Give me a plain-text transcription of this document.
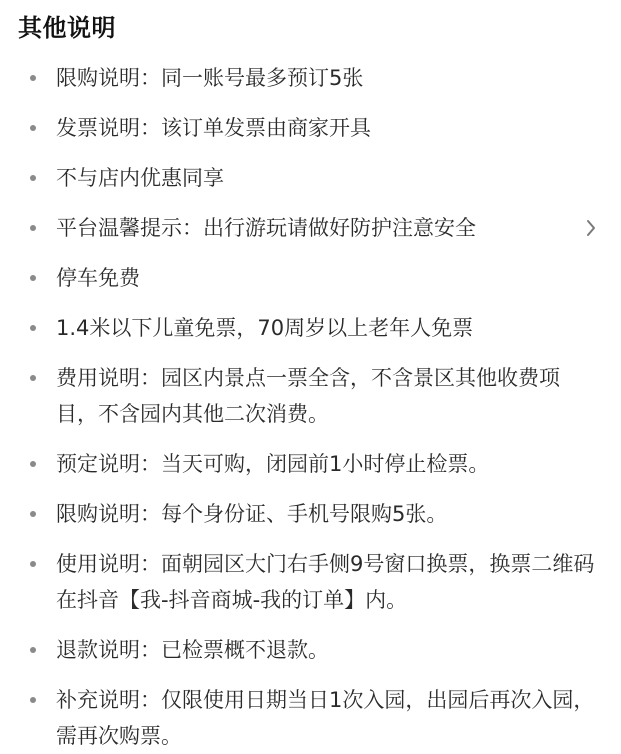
其他说明
限购说明：同一账号最多预订5张
发票说明：该订单发票由商家开具
不与店内优惠同享
平台温馨提示：出行游玩请做好防护注意安全
停车免费
1.4米以下儿童免票，70周岁以上老年人免票
费用说明：园区内景点一票全含，不含景区其他收费项目，不含园内其他二次消费。
预定说明：当天可购，闭园前1小时停止检票。
限购说明：每个身份证、手机号限购5张。
使用说明：面朝园区大门右手侧9号窗口换票，换票二维码在抖音【我-抖音商城-我的订单】内。
退款说明：已检票概不退款。
补充说明：仅限使用日期当日1次入园，出园后再次入园，需再次购票。
